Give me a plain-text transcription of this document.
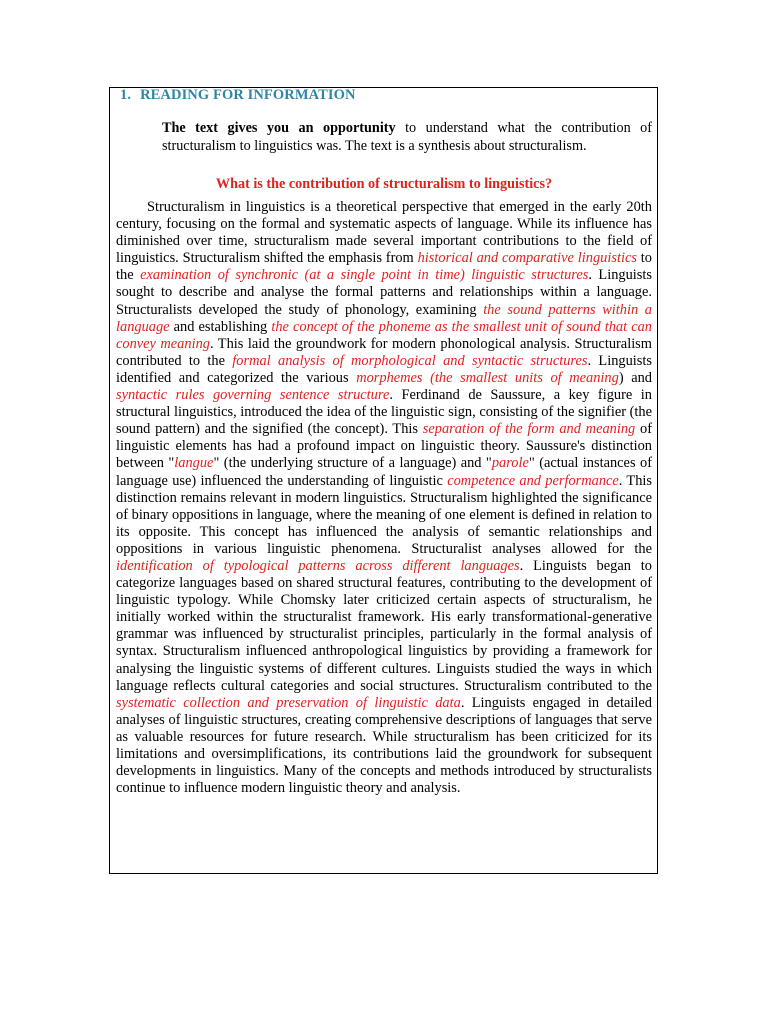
1. READING FOR INFORMATION
The text gives you an opportunity to understand what the contribution of structuralism to linguistics was. The text is a synthesis about structuralism.
What is the contribution of structuralism to linguistics?

Structuralism in linguistics is a theoretical perspective that emerged in the early 20th century, focusing on the formal and systematic aspects of language. While its influence has diminished over time, structuralism made several important contributions to the field of linguistics. Structuralism shifted the emphasis from historical and comparative linguistics to the examination of synchronic (at a single point in time) linguistic structures. Linguists sought to describe and analyse the formal patterns and relationships within a language. Structuralists developed the study of phonology, examining the sound patterns within a language and establishing the concept of the phoneme as the smallest unit of sound that can convey meaning. This laid the groundwork for modern phonological analysis. Structuralism contributed to the formal analysis of morphological and syntactic structures. Linguists identified and categorized the various morphemes (the smallest units of meaning) and syntactic rules governing sentence structure. Ferdinand de Saussure, a key figure in structural linguistics, introduced the idea of the linguistic sign, consisting of the signifier (the sound pattern) and the signified (the concept). This separation of the form and meaning of linguistic elements has had a profound impact on linguistic theory. Saussure's distinction between "langue" (the underlying structure of a language) and "parole" (actual instances of language use) influenced the understanding of linguistic competence and performance. This distinction remains relevant in modern linguistics. Structuralism highlighted the significance of binary oppositions in language, where the meaning of one element is defined in relation to its opposite. This concept has influenced the analysis of semantic relationships and oppositions in various linguistic phenomena. Structuralist analyses allowed for the identification of typological patterns across different languages. Linguists began to categorize languages based on shared structural features, contributing to the development of linguistic typology. While Chomsky later criticized certain aspects of structuralism, he initially worked within the structuralist framework. His early transformational-generative grammar was influenced by structuralist principles, particularly in the formal analysis of syntax. Structuralism influenced anthropological linguistics by providing a framework for analysing the linguistic systems of different cultures. Linguists studied the ways in which language reflects cultural categories and social structures. Structuralism contributed to the systematic collection and preservation of linguistic data. Linguists engaged in detailed analyses of linguistic structures, creating comprehensive descriptions of languages that serve as valuable resources for future research. While structuralism has been criticized for its limitations and oversimplifications, its contributions laid the groundwork for subsequent developments in linguistics. Many of the concepts and methods introduced by structuralists continue to influence modern linguistic theory and analysis.
